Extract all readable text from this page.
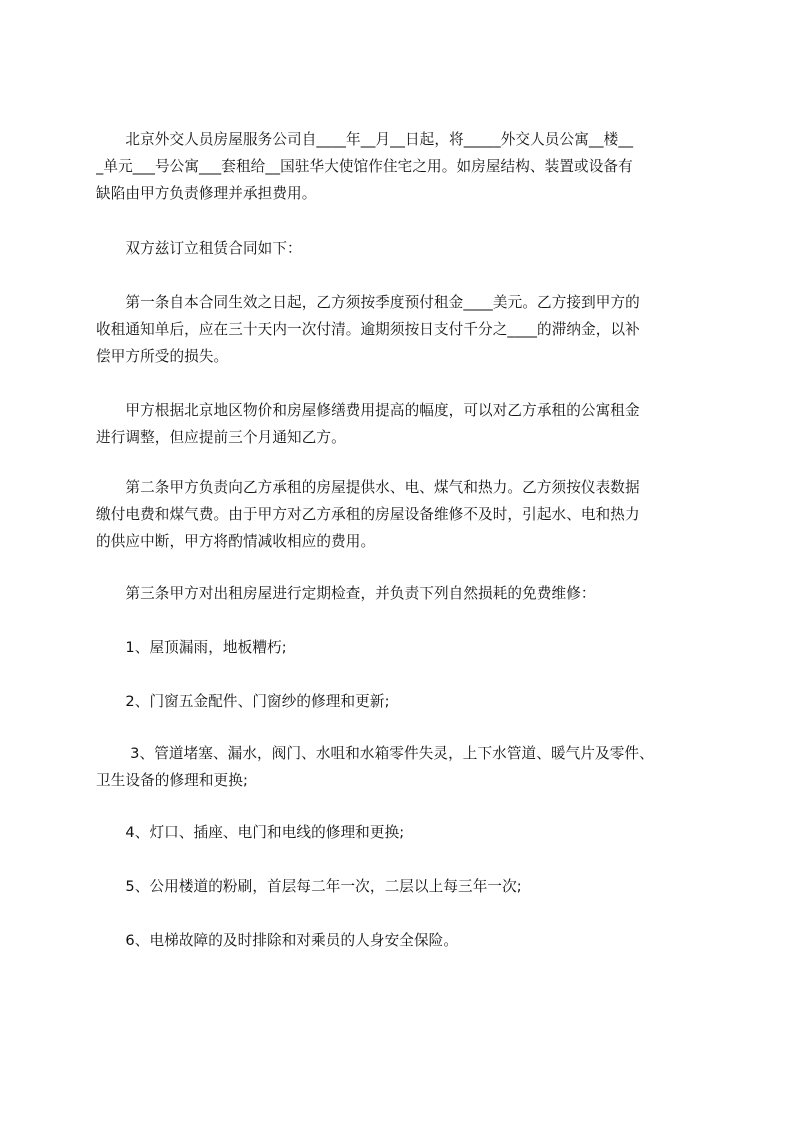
　　北京外交人员房屋服务公司自____年__月__日起，将_____外交人员公寓__楼__
_单元___号公寓___套租给__国驻华大使馆作住宅之用。如房屋结构、装置或设备有
缺陷由甲方负责修理并承担费用。
　　双方兹订立租赁合同如下：
　　第一条自本合同生效之日起，乙方须按季度预付租金____美元。乙方接到甲方的
收租通知单后，应在三十天内一次付清。逾期须按日支付千分之____的滞纳金，以补
偿甲方所受的损失。
　　甲方根据北京地区物价和房屋修缮费用提高的幅度，可以对乙方承租的公寓租金
进行调整，但应提前三个月通知乙方。
　　第二条甲方负责向乙方承租的房屋提供水、电、煤气和热力。乙方须按仪表数据
缴付电费和煤气费。由于甲方对乙方承租的房屋设备维修不及时，引起水、电和热力
的供应中断，甲方将酌情减收相应的费用。
　　第三条甲方对出租房屋进行定期检查，并负责下列自然损耗的免费维修：
　　1、屋顶漏雨，地板糟朽;
　　2、门窗五金配件、门窗纱的修理和更新;
　　 3、管道堵塞、漏水，阀门、水咀和水箱零件失灵，上下水管道、暖气片及零件、
卫生设备的修理和更换;
　　4、灯口、插座、电门和电线的修理和更换;
　　5、公用楼道的粉刷，首层每二年一次，二层以上每三年一次;
　　6、电梯故障的及时排除和对乘员的人身安全保险。
